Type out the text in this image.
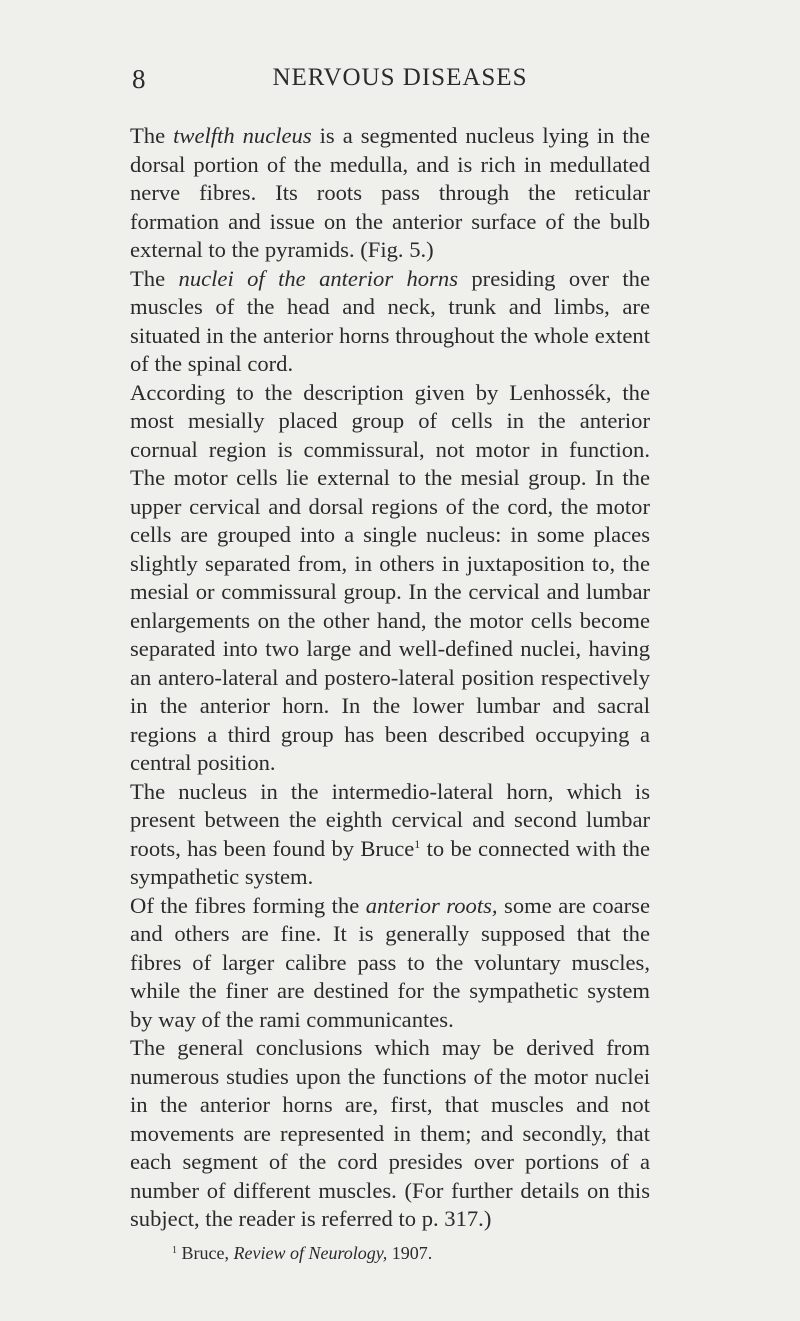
8	NERVOUS DISEASES

The twelfth nucleus is a segmented nucleus lying in the dorsal portion of the medulla, and is rich in medullated nerve fibres. Its roots pass through the reticular formation and issue on the anterior surface of the bulb external to the pyramids. (Fig. 5.)

The nuclei of the anterior horns presiding over the muscles of the head and neck, trunk and limbs, are situated in the anterior horns throughout the whole extent of the spinal cord.

According to the description given by Lenhossék, the most mesially placed group of cells in the anterior cornual region is commissural, not motor in function. The motor cells lie external to the mesial group. In the upper cervical and dorsal regions of the cord, the motor cells are grouped into a single nucleus: in some places slightly separated from, in others in juxtaposition to, the mesial or commissural group. In the cervical and lumbar enlargements on the other hand, the motor cells become separated into two large and well-defined nuclei, having an antero-lateral and postero-lateral position respectively in the anterior horn. In the lower lumbar and sacral regions a third group has been described occupying a central position.

The nucleus in the intermedio-lateral horn, which is present between the eighth cervical and second lumbar roots, has been found by Bruce$^1$ to be connected with the sympathetic system.

Of the fibres forming the anterior roots, some are coarse and others are fine. It is generally supposed that the fibres of larger calibre pass to the voluntary muscles, while the finer are destined for the sympathetic system by way of the rami communicantes.

The general conclusions which may be derived from numerous studies upon the functions of the motor nuclei in the anterior horns are, first, that muscles and not movements are represented in them; and secondly, that each segment of the cord presides over portions of a number of different muscles. (For further details on this subject, the reader is referred to p. 317.)

$^1$ Bruce, Review of Neurology, 1907.
